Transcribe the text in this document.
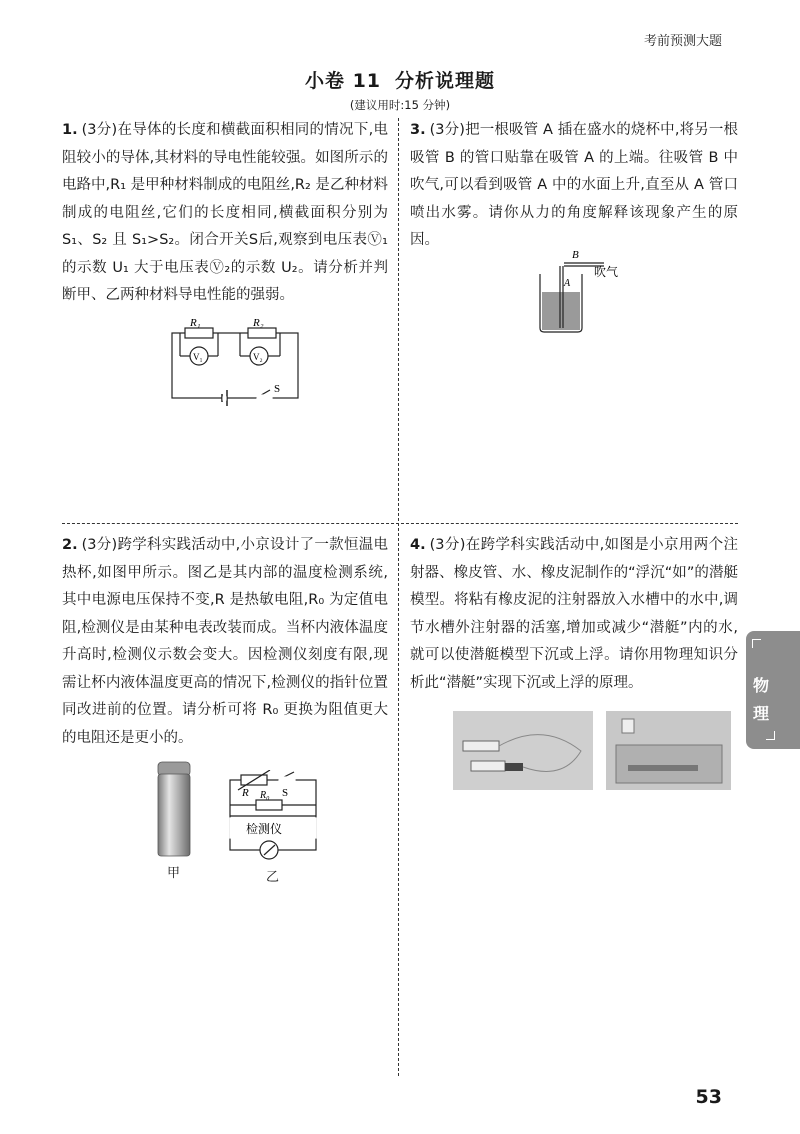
考前预测大题
小卷 11 分析说理题
(建议用时:15 分钟)
1. (3分)在导体的长度和横截面积相同的情况下,电阻较小的导体,其材料的导电性能较强。如图所示的电路中,R₁ 是甲种材料制成的电阻丝,R₂ 是乙种材料制成的电阻丝,它们的长度相同,横截面积分别为 S₁、S₂ 且 S₁>S₂。闭合开关S后,观察到电压表Ⓥ₁的示数 U₁ 大于电压表Ⓥ₂的示数 U₂。请分析并判断甲、乙两种材料导电性能的强弱。
R₁	R₂
V₁	V₂
S
2. (3分)跨学科实践活动中,小京设计了一款恒温电热杯,如图甲所示。图乙是其内部的温度检测系统,其中电源电压保持不变,R 是热敏电阻,R₀ 为定值电阻,检测仪是由某种电表改装而成。当杯内液体温度升高时,检测仪示数会变大。因检测仪刻度有限,现需让杯内液体温度更高的情况下,检测仪的指针位置同改进前的位置。请分析可将 R₀ 更换为阻值更大的电阻还是更小的。
甲
R	S
R₀
检测仪
乙
3. (3分)把一根吸管 A 插在盛水的烧杯中,将另一根吸管 B 的管口贴靠在吸管 A 的上端。往吸管 B 中吹气,可以看到吸管 A 中的水面上升,直至从 A 管口喷出水雾。请你从力的角度解释该现象产生的原因。
B
A
吹气
4. (3分)在跨学科实践活动中,如图是小京用两个注射器、橡皮管、水、橡皮泥制作的“浮沉“如”的潜艇模型。将粘有橡皮泥的注射器放入水槽中的水中,调节水槽外注射器的活塞,增加或减少“潜艇”内的水,就可以使潜艇模型下沉或上浮。请你用物理知识分析此“潜艇”实现下沉或上浮的原理。	物
理
53
